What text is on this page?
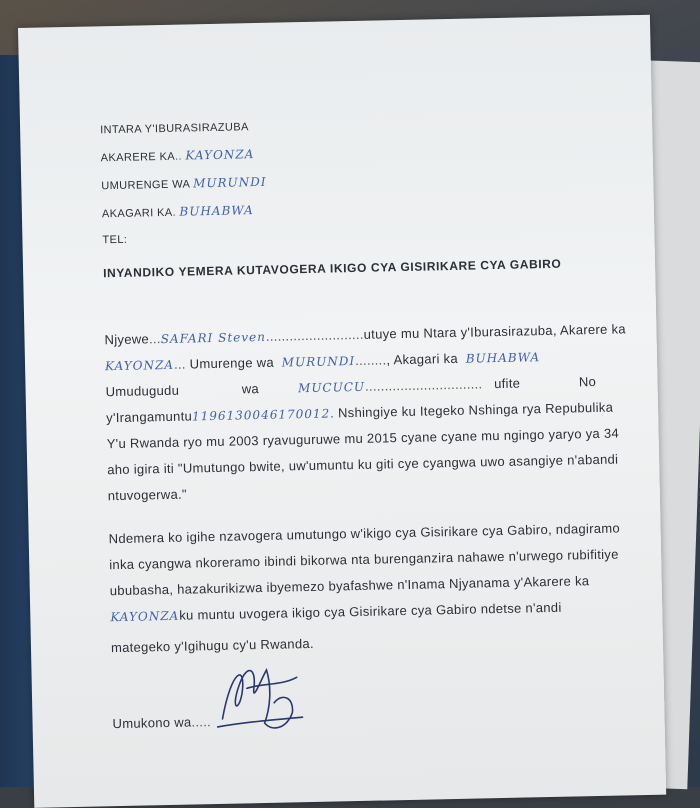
INTARA Y'IBURASIRAZUBA
AKARERE KA.. KAYONZA
UMURENGE WA MURUNDI
AKAGARI KA. BUHABWA
TEL:
INYANDIKO YEMERA KUTAVOGERA IKIGO CYA GISIRIKARE CYA GABIRO
Njyewe...SAFARI Steven.........................utuye mu Ntara y'Iburasirazuba, Akarere ka
KAYONZA... Umurenge wa MURUNDI........, Akagari ka BUHABWA
Umudugudu	wa	MUCUCU.............................. ufite	No
y'Irangamuntu1196130046170012. Nshingiye ku Itegeko Nshinga rya Repubulika
Y'u Rwanda ryo mu 2003 ryavuguruwe mu 2015 cyane cyane mu ngingo yaryo ya 34
aho igira iti "Umutungo bwite, uw'umuntu ku giti cye cyangwa uwo asangiye n'abandi
ntuvogerwa."
Ndemera ko igihe nzavogera umutungo w'ikigo cya Gisirikare cya Gabiro, ndagiramo
inka cyangwa nkoreramo ibindi bikorwa nta burenganzira nahawe n'urwego rubifitiye
ububasha, hazakurikizwa ibyemezo byafashwe n'Inama Njyanama y'Akarere ka
KAYONZAku muntu uvogera ikigo cya Gisirikare cya Gabiro ndetse n'andi
mategeko y'Igihugu cy'u Rwanda.
Umukono wa.....
